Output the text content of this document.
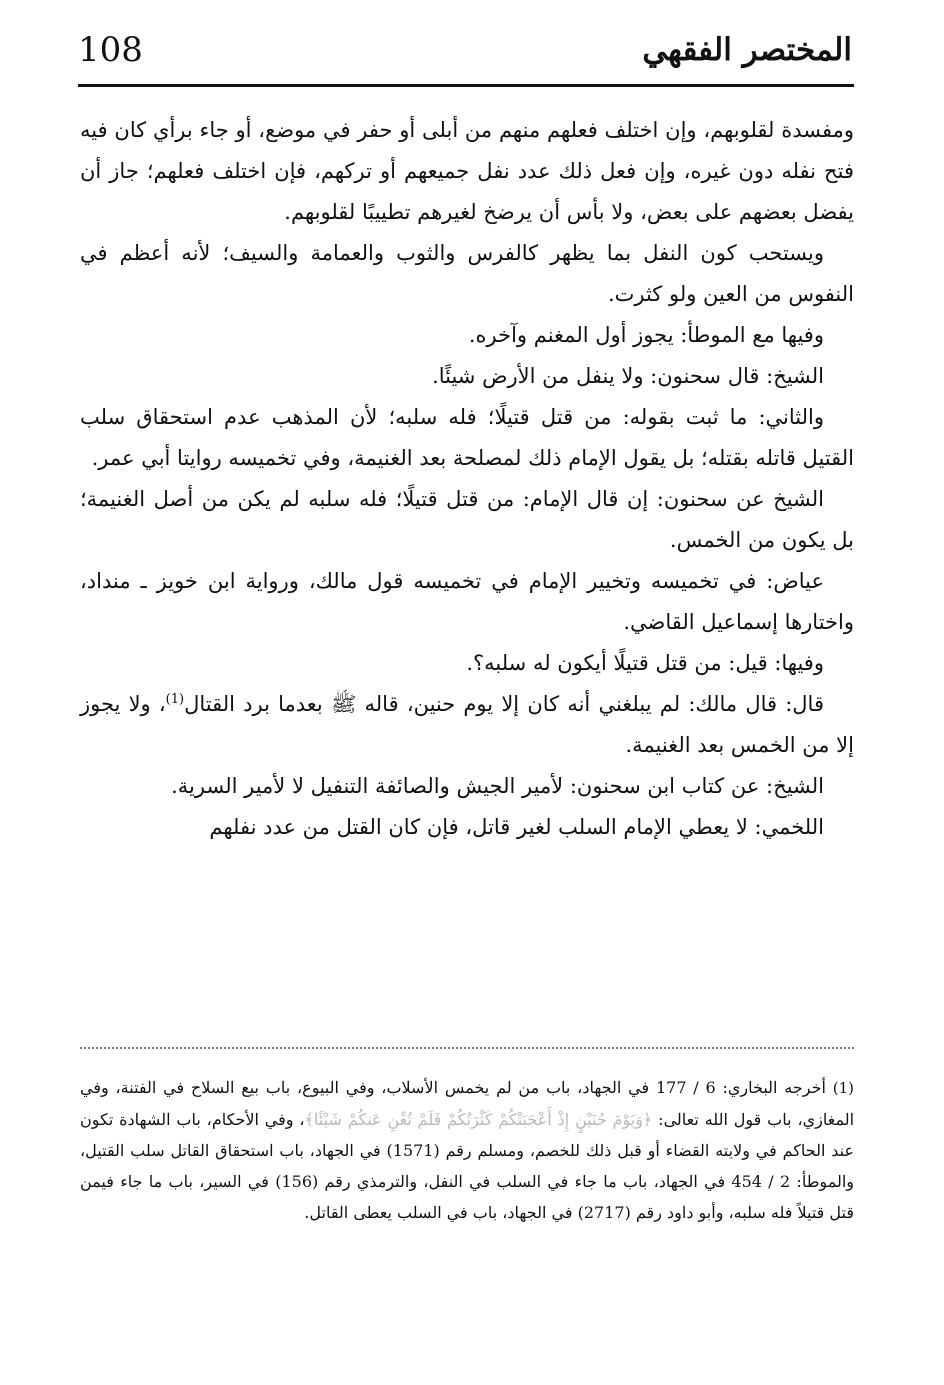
المختصر الفقهي
108

ومفسدة لقلوبهم، وإن اختلف فعلهم منهم من أبلى أو حفر في موضع، أو جاء برأي كان فيه فتح نفله دون غيره، وإن فعل ذلك عدد نفل جميعهم أو تركهم، فإن اختلف فعلهم؛ جاز أن يفضل بعضهم على بعض، ولا بأس أن يرضخ لغيرهم تطييبًا لقلوبهم.

ويستحب كون النفل بما يظهر كالفرس والثوب والعمامة والسيف؛ لأنه أعظم في النفوس من العين ولو كثرت.

وفيها مع الموطأ: يجوز أول المغنم وآخره.

الشيخ: قال سحنون: ولا ينفل من الأرض شيئًا.

والثاني: ما ثبت بقوله: من قتل قتيلًا؛ فله سلبه؛ لأن المذهب عدم استحقاق سلب القتيل قاتله بقتله؛ بل يقول الإمام ذلك لمصلحة بعد الغنيمة، وفي تخميسه روايتا أبي عمر.

الشيخ عن سحنون: إن قال الإمام: من قتل قتيلًا؛ فله سلبه لم يكن من أصل الغنيمة؛ بل يكون من الخمس.

عياض: في تخميسه وتخيير الإمام في تخميسه قول مالك، ورواية ابن خويز ـ منداد، واختارها إسماعيل القاضي.

وفيها: قيل: من قتل قتيلًا أيكون له سلبه؟.

قال: قال مالك: لم يبلغني أنه كان إلا يوم حنين، قاله ﷺ بعدما برد القتال$^{(1)}$، ولا يجوز إلا من الخمس بعد الغنيمة.

الشيخ: عن كتاب ابن سحنون: لأمير الجيش والصائفة التنفيل لا لأمير السرية.

اللخمي: لا يعطي الإمام السلب لغير قاتل، فإن كان القتل من عدد نفلهم

(1) أخرجه البخاري: 6 / 177 في الجهاد، باب من لم يخمس الأسلاب، وفي البيوع، باب بيع السلاح في الفتنة، وفي المغازي، باب قول الله تعالى: ﴿وَيَوْمَ حُنَيْنٍ إِذْ أَعْجَبَتْكُمْ كَثْرَتُكُمْ فَلَمْ تُغْنِ عَنكُمْ شَيْئًا﴾، وفي الأحكام، باب الشهادة تكون عند الحاكم في ولايته القضاء أو قبل ذلك للخصم، ومسلم رقم (1571) في الجهاد، باب استحقاق القاتل سلب القتيل، والموطأ: 2 / 454 في الجهاد، باب ما جاء في السلب في النفل، والترمذي رقم (156) في السير، باب ما جاء فيمن قتل قتيلاً فله سلبه، وأبو داود رقم (2717) في الجهاد، باب في السلب يعطى القاتل.
